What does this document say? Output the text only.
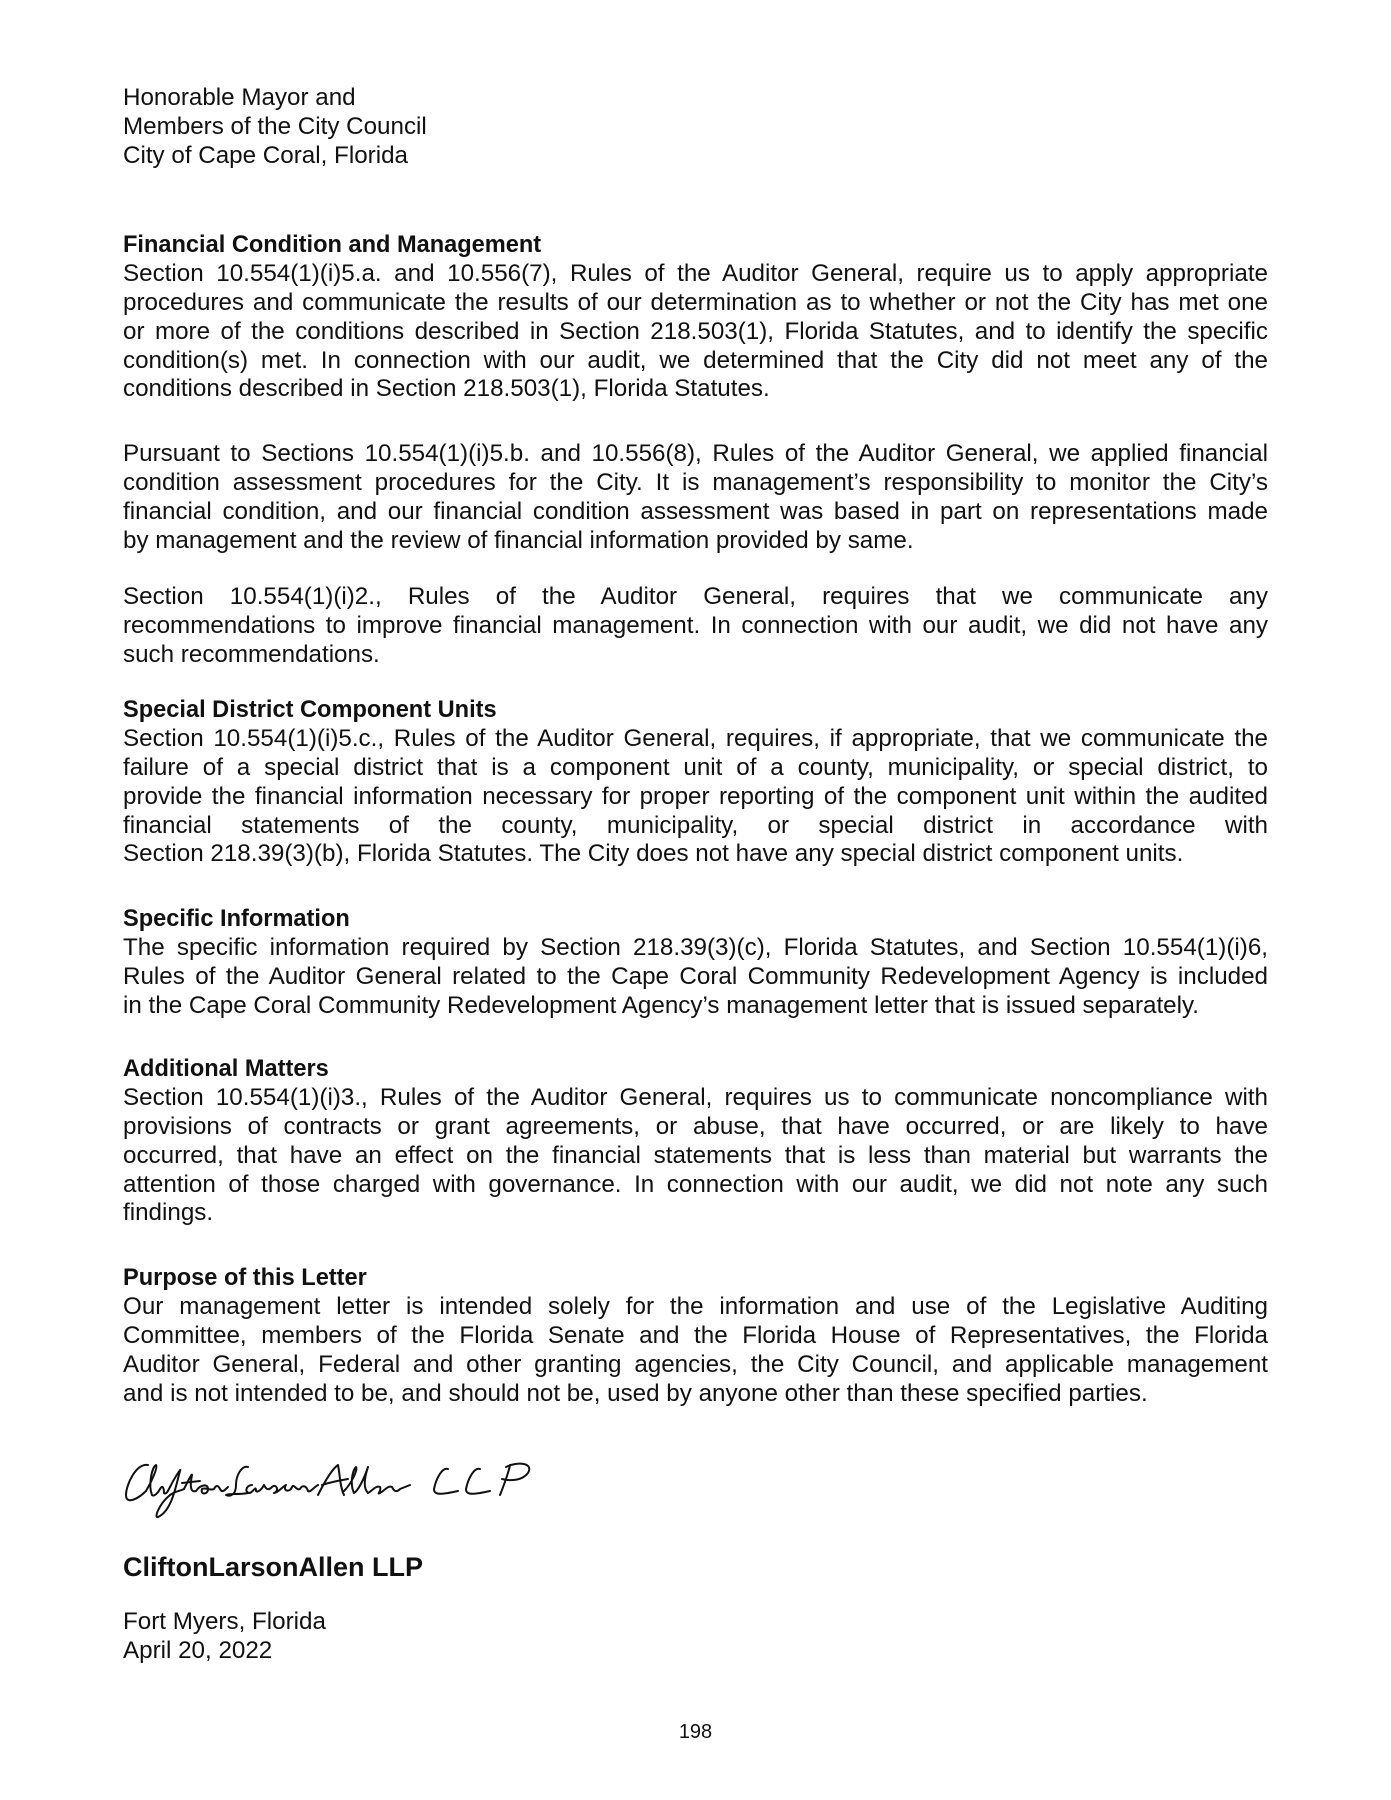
Honorable Mayor and
Members of the City Council
City of Cape Coral, Florida
Financial Condition and Management
Section 10.554(1)(i)5.a. and 10.556(7), Rules of the Auditor General, require us to apply appropriate
procedures and communicate the results of our determination as to whether or not the City has met one
or more of the conditions described in Section 218.503(1), Florida Statutes, and to identify the specific
condition(s) met. In connection with our audit, we determined that the City did not meet any of the
conditions described in Section 218.503(1), Florida Statutes.
Pursuant to Sections 10.554(1)(i)5.b. and 10.556(8), Rules of the Auditor General, we applied financial
condition assessment procedures for the City. It is management’s responsibility to monitor the City’s
financial condition, and our financial condition assessment was based in part on representations made
by management and the review of financial information provided by same.
Section 10.554(1)(i)2., Rules of the Auditor General, requires that we communicate any
recommendations to improve financial management. In connection with our audit, we did not have any
such recommendations.
Special District Component Units
Section 10.554(1)(i)5.c., Rules of the Auditor General, requires, if appropriate, that we communicate the
failure of a special district that is a component unit of a county, municipality, or special district, to
provide the financial information necessary for proper reporting of the component unit within the audited
financial statements of the county, municipality, or special district in accordance with
Section 218.39(3)(b), Florida Statutes. The City does not have any special district component units.
Specific Information
The specific information required by Section 218.39(3)(c), Florida Statutes, and Section 10.554(1)(i)6,
Rules of the Auditor General related to the Cape Coral Community Redevelopment Agency is included
in the Cape Coral Community Redevelopment Agency’s management letter that is issued separately.
Additional Matters
Section 10.554(1)(i)3., Rules of the Auditor General, requires us to communicate noncompliance with
provisions of contracts or grant agreements, or abuse, that have occurred, or are likely to have
occurred, that have an effect on the financial statements that is less than material but warrants the
attention of those charged with governance. In connection with our audit, we did not note any such
findings.
Purpose of this Letter
Our management letter is intended solely for the information and use of the Legislative Auditing
Committee, members of the Florida Senate and the Florida House of Representatives, the Florida
Auditor General, Federal and other granting agencies, the City Council, and applicable management
and is not intended to be, and should not be, used by anyone other than these specified parties.
CliftonLarsonAllen LLP
Fort Myers, Florida
April 20, 2022
198
